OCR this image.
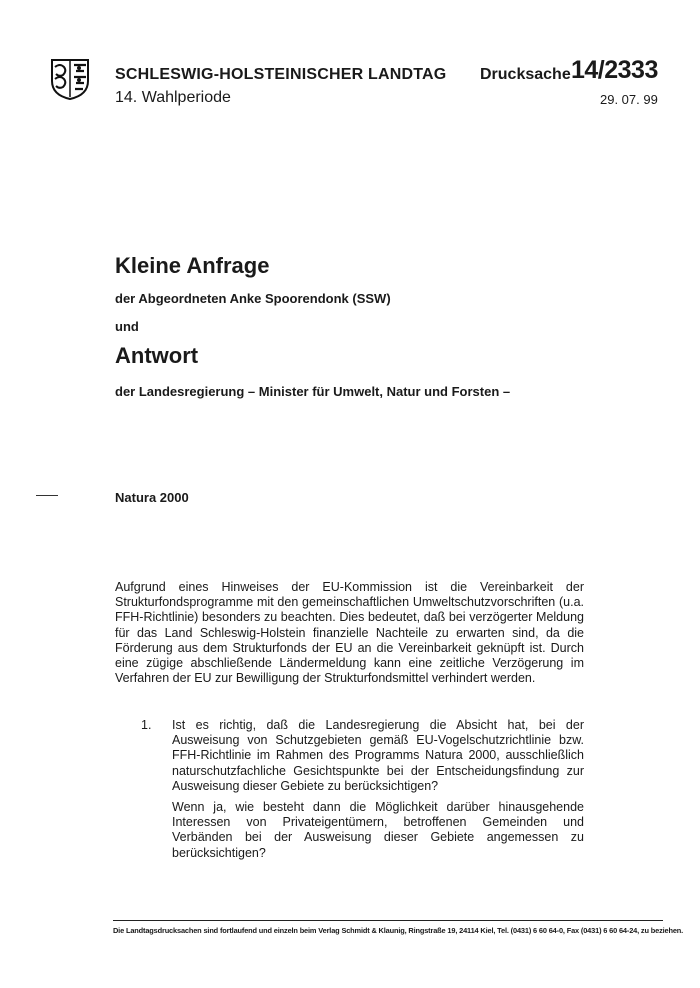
SCHLESWIG-HOLSTEINISCHER LANDTAG
14. Wahlperiode
Drucksache 14/2333
29. 07. 99
Kleine Anfrage
der Abgeordneten Anke Spoorendonk (SSW)
und
Antwort
der Landesregierung – Minister für Umwelt, Natur und Forsten –
Natura 2000
Aufgrund eines Hinweises der EU-Kommission ist die Vereinbarkeit der Strukturfondsprogramme mit den gemeinschaftlichen Umweltschutzvorschriften (u.a. FFH-Richtlinie) besonders zu beachten. Dies bedeutet, daß bei verzögerter Meldung für das Land Schleswig-Holstein finanzielle Nachteile zu erwarten sind, da die Förderung aus dem Strukturfonds der EU an die Vereinbarkeit geknüpft ist. Durch eine zügige abschließende Ländermeldung kann eine zeitliche Verzögerung im Verfahren der EU zur Bewilligung der Strukturfondsmittel verhindert werden.
1. Ist es richtig, daß die Landesregierung die Absicht hat, bei der Ausweisung von Schutzgebieten gemäß EU-Vogelschutzrichtlinie bzw. FFH-Richtlinie im Rahmen des Programms Natura 2000, ausschließlich naturschutzfachliche Gesichtspunkte bei der Entscheidungsfindung zur Ausweisung dieser Gebiete zu berücksichtigen?
Wenn ja, wie besteht dann die Möglichkeit darüber hinausgehende Interessen von Privateigentümern, betroffenen Gemeinden und Verbänden bei der Ausweisung dieser Gebiete angemessen zu berücksichtigen?
Die Landtagsdrucksachen sind fortlaufend und einzeln beim Verlag Schmidt & Klaunig, Ringstraße 19, 24114 Kiel, Tel. (0431) 6 60 64-0, Fax (0431) 6 60 64-24, zu beziehen.
